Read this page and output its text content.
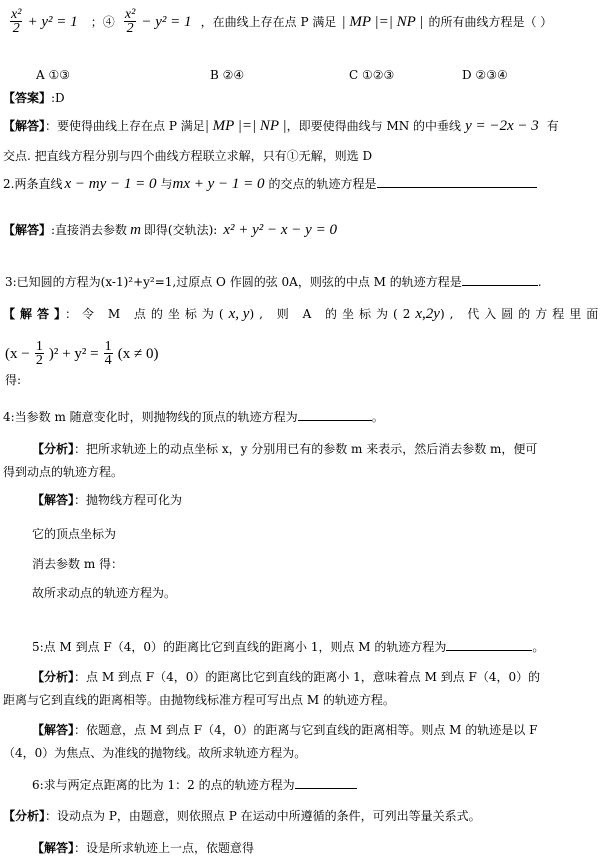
$\frac{\text{x²}}{2} + y^2 = 1$ ；④ $\frac{\text{x²}}{2} - y^2 = 1$ ，在曲线上存在点 P 满足 | MP |=| NP | 的所有曲线方程是（ ）
A ①③	B ②④	C ①②③	D ②③④
【答案】:D
【解答】：要使得曲线上存在点 P 满足| MP |=| NP |，即要使得曲线与 MN 的中垂线 y = −2x − 3 有
交点. 把直线方程分别与四个曲线方程联立求解，只有①无解，则选 D
2.两条直线 x − my − 1 = 0 与mx + y − 1 = 0 的交点的轨迹方程是
【解答】:直接消去参数 m 即得(交轨法): x² + y² − x − y = 0
3:已知圆的方程为(x-1)²+y²=1,过原点 O 作圆的弦 0A，则弦的中点 M 的轨迹方程是	.
【解答】：令 M 点的坐标为(x, y), 则 A 的坐标为(2x,2y), 代入圆的方程里面
$(x - \frac{1}{2} )^2 + y^2 = \frac{1}{4} (x \ne 0)$
得:
4:当参数 m 随意变化时，则抛物线的顶点的轨迹方程为	。
【分析】：把所求轨迹上的动点坐标 x，y 分别用已有的参数 m 来表示，然后消去参数 m，便可
得到动点的轨迹方程。
【解答】：抛物线方程可化为
它的顶点坐标为
消去参数 m 得：
故所求动点的轨迹方程为。
5:点 M 到点 F（4，0）的距离比它到直线的距离小 1，则点 M 的轨迹方程为	。
【分析】：点 M 到点 F（4，0）的距离比它到直线的距离小 1，意味着点 M 到点 F（4，0）的
距离与它到直线的距离相等。由抛物线标准方程可写出点 M 的轨迹方程。
【解答】：依题意，点 M 到点 F（4，0）的距离与它到直线的距离相等。则点 M 的轨迹是以 F
（4，0）为焦点、为准线的抛物线。故所求轨迹方程为。
6:求与两定点距离的比为 1：2 的点的轨迹方程为
【分析】：设动点为 P，由题意，则依照点 P 在运动中所遵循的条件，可列出等量关系式。
【解答】：设是所求轨迹上一点，依题意得
